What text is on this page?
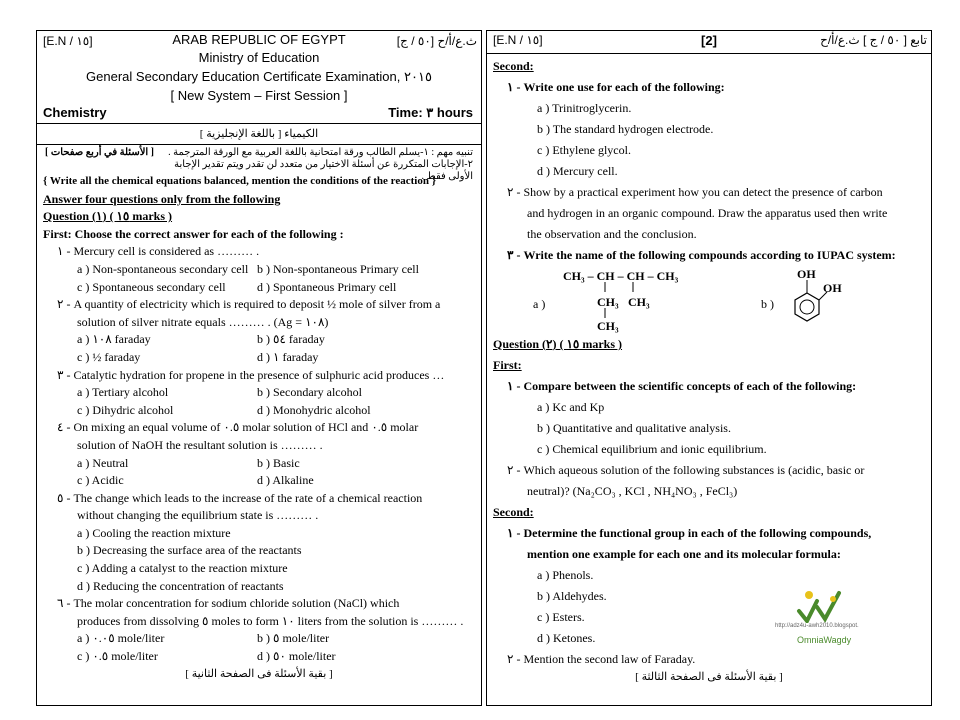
[E.N / ١٥]	[٥٠ / ج] ث.ع/أ/ح
ARAB REPUBLIC OF EGYPT
Ministry of Education
General Secondary Education Certificate Examination, ٢٠١٥
[ New System – First Session ]
Chemistry	Time: ٣ hours
الكيمياء [ باللغة الإنجليزية ]
[ الأسئلة في أربع صفحات ]	تنبيه مهم : ١-يسلم الطالب ورقة امتحانية باللغة العربية مع الورقة المترجمة .
٢-الإجابات المتكررة عن أسئلة الاختيار من متعدد لن تقدر ويتم تقدير الإجابة الأولى فقط .
{ Write all the chemical equations balanced, mention the conditions of the reaction }
Answer four questions only from the following
Question (١) ( ١٥ marks )
First: Choose the correct answer for each of the following :
١ - Mercury cell is considered as ……… .
a ) Non-spontaneous secondary cell b ) Non-spontaneous Primary cell
c ) Spontaneous secondary cell	d ) Spontaneous Primary cell
٢ - A quantity of electricity which is required to deposit ½ mole of silver from a
solution of silver nitrate equals ……… . (Ag = ١٠٨)
a ) ١٠٨ faraday	b ) ٥٤ faraday
c ) ½ faraday	d ) ١ faraday
٣ - Catalytic hydration for propene in the presence of sulphuric acid produces …
a ) Tertiary alcohol	b ) Secondary alcohol
c ) Dihydric alcohol	d ) Monohydric alcohol
٤ - On mixing an equal volume of ٠.٥ molar solution of HCl and ٠.٥ molar
solution of NaOH the resultant solution is ……… .
a ) Neutral	b ) Basic
c ) Acidic	d ) Alkaline
٥ - The change which leads to the increase of the rate of a chemical reaction
without changing the equilibrium state is ……… .
a ) Cooling the reaction mixture
b ) Decreasing the surface area of the reactants
c ) Adding a catalyst to the reaction mixture
d ) Reducing the concentration of reactants
٦ - The molar concentration for sodium chloride solution (NaCl) which
produces from dissolving ٥ moles to form ١٠ liters from the solution is ……… .
a ) ٠.٠٥ mole/liter	b ) ٥ mole/liter
c ) ٠.٥ mole/liter	d ) ٥٠ mole/liter
[ بقية الأسئلة فى الصفحة الثانية ]
[E.N / ١٥]	[2]	تابع [ ٥٠ / ج ] ث.ع/أ/ح
Second:
١ - Write one use for each of the following:
a ) Trinitroglycerin.
b ) The standard hydrogen electrode.
c ) Ethylene glycol.
d ) Mercury cell.
٢ - Show by a practical experiment how you can detect the presence of carbon
and hydrogen in an organic compound. Draw the apparatus used then write
the observation and the conclusion.
٣ - Write the name of the following compounds according to IUPAC system:
a )
CH₃ – CH – CH – CH₃
CH₃ CH₃
CH₃
b )
OH
OH
Question (٢) ( ١٥ marks )
First:
١ - Compare between the scientific concepts of each of the following:
a ) Kc and Kp
b ) Quantitative and qualitative analysis.
c ) Chemical equilibrium and ionic equilibrium.
٢ - Which aqueous solution of the following substances is (acidic, basic or
neutral)? (Na₂CO₃ , KCl , NH₄NO₃ , FeCl₃)
Second:
١ - Determine the functional group in each of the following compounds,
mention one example for each one and its molecular formula:
a ) Phenols.
b ) Aldehydes.
c ) Esters.
d ) Ketones.
٢ - Mention the second law of Faraday.
[ بقية الأسئلة فى الصفحة الثالثة ]
http://adz4u-awh2010.blogspot.
OmniaWagdy
